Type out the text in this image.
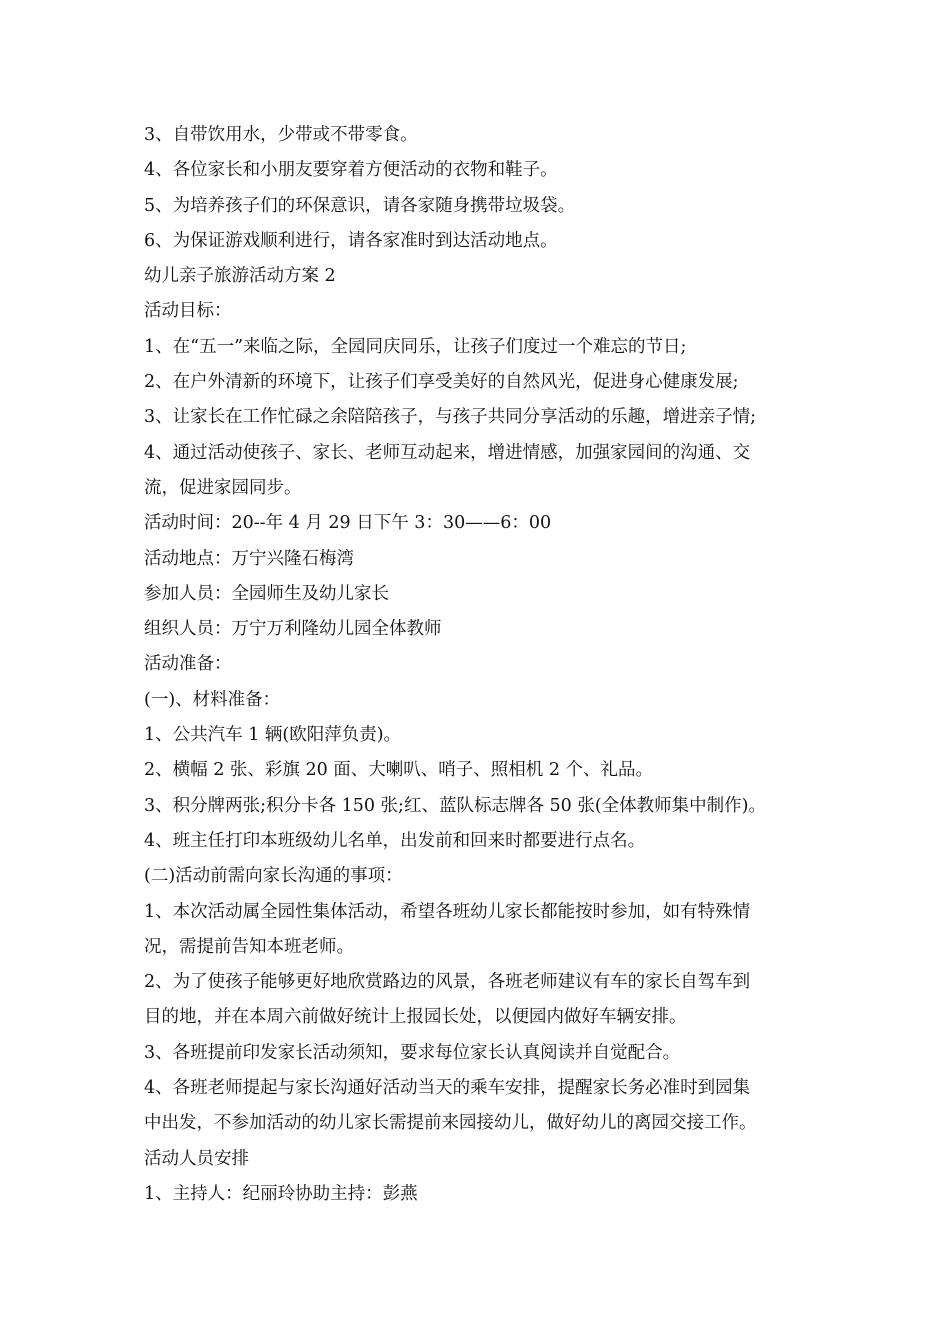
3、自带饮用水，少带或不带零食。
4、各位家长和小朋友要穿着方便活动的衣物和鞋子。
5、为培养孩子们的环保意识，请各家随身携带垃圾袋。
6、为保证游戏顺利进行，请各家准时到达活动地点。
幼儿亲子旅游活动方案 2
活动目标：
1、在“五一”来临之际，全园同庆同乐，让孩子们度过一个难忘的节日;
2、在户外清新的环境下，让孩子们享受美好的自然风光，促进身心健康发展;
3、让家长在工作忙碌之余陪陪孩子，与孩子共同分享活动的乐趣，增进亲子情;
4、通过活动使孩子、家长、老师互动起来，增进情感，加强家园间的沟通、交
流，促进家园同步。
活动时间：20--年 4 月 29 日下午 3：30——6：00
活动地点：万宁兴隆石梅湾
参加人员：全园师生及幼儿家长
组织人员：万宁万利隆幼儿园全体教师
活动准备：
(一)、材料准备：
1、公共汽车 1 辆(欧阳萍负责)。
2、横幅 2 张、彩旗 20 面、大喇叭、哨子、照相机 2 个、礼品。
3、积分牌两张;积分卡各 150 张;红、蓝队标志牌各 50 张(全体教师集中制作)。
4、班主任打印本班级幼儿名单，出发前和回来时都要进行点名。
(二)活动前需向家长沟通的事项：
1、本次活动属全园性集体活动，希望各班幼儿家长都能按时参加，如有特殊情
况，需提前告知本班老师。
2、为了使孩子能够更好地欣赏路边的风景，各班老师建议有车的家长自驾车到
目的地，并在本周六前做好统计上报园长处，以便园内做好车辆安排。
3、各班提前印发家长活动须知，要求每位家长认真阅读并自觉配合。
4、各班老师提起与家长沟通好活动当天的乘车安排，提醒家长务必准时到园集
中出发，不参加活动的幼儿家长需提前来园接幼儿，做好幼儿的离园交接工作。
活动人员安排
1、主持人：纪丽玲协助主持：彭燕
